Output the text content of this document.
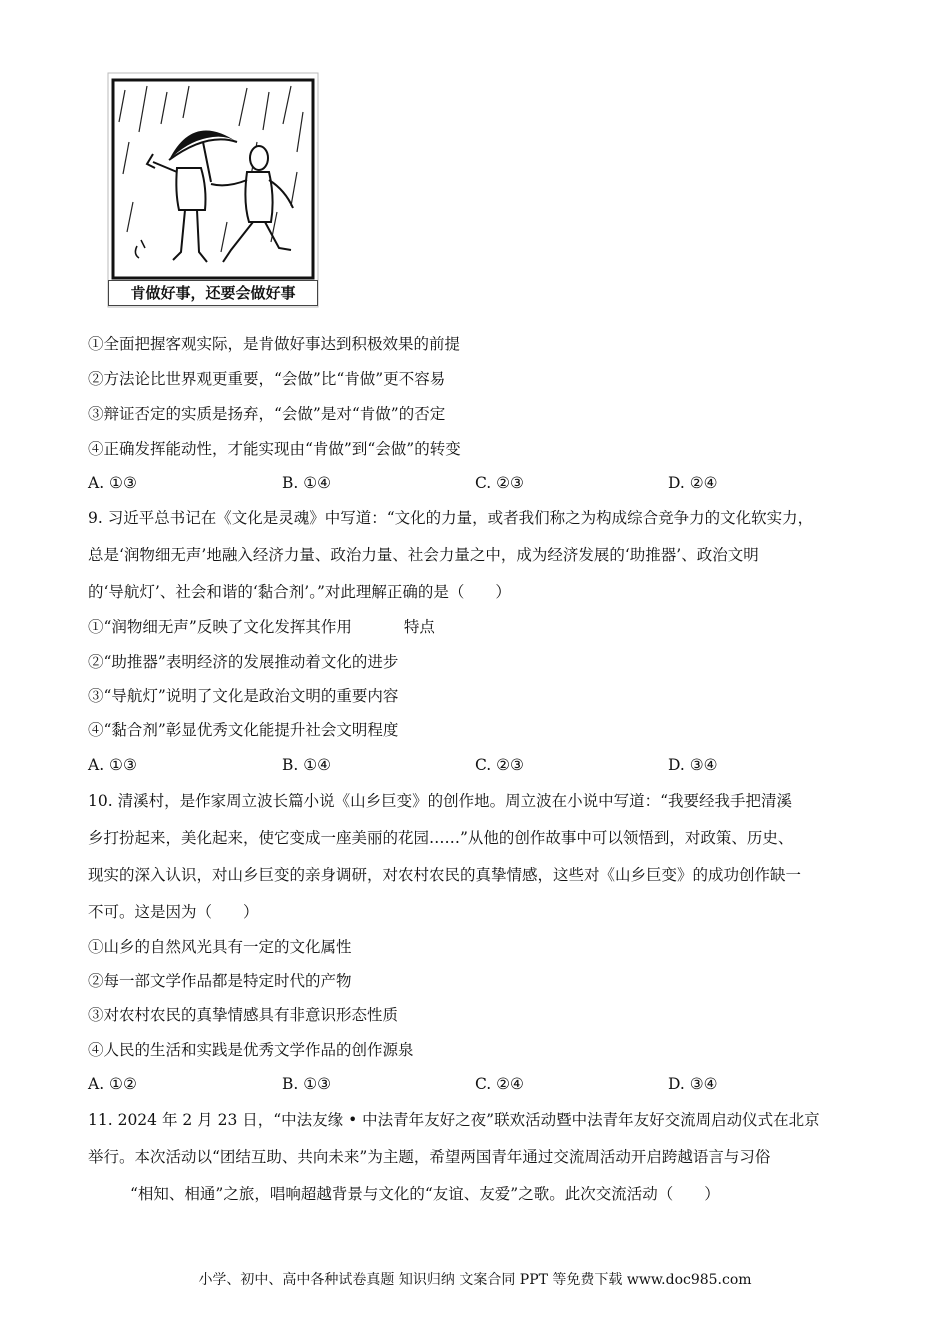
肯做好事，还要会做好事
①全面把握客观实际，是肯做好事达到积极效果的前提
②方法论比世界观更重要，“会做”比“肯做”更不容易
③辩证否定的实质是扬弃，“会做”是对“肯做”的否定
④正确发挥能动性，才能实现由“肯做”到“会做”的转变
A. ①③	B. ①④	C. ②③	D. ②④
9. 习近平总书记在《文化是灵魂》中写道：“文化的力量，或者我们称之为构成综合竞争力的文化软实力，
总是‘润物细无声’地融入经济力量、政治力量、社会力量之中，成为经济发展的‘助推器’、政治文明
的‘导航灯’、社会和谐的‘黏合剂’。”对此理解正确的是（　　）
①“润物细无声”反映了文化发挥其作用	特点
②“助推器”表明经济的发展推动着文化的进步
③“导航灯”说明了文化是政治文明的重要内容
④“黏合剂”彰显优秀文化能提升社会文明程度
A. ①③	B. ①④	C. ②③	D. ③④
10. 清溪村，是作家周立波长篇小说《山乡巨变》的创作地。周立波在小说中写道：“我要经我手把清溪
乡打扮起来，美化起来，使它变成一座美丽的花园……”从他的创作故事中可以领悟到，对政策、历史、
现实的深入认识，对山乡巨变的亲身调研，对农村农民的真挚情感，这些对《山乡巨变》的成功创作缺一
不可。这是因为（　　）
①山乡的自然风光具有一定的文化属性
②每一部文学作品都是特定时代的产物
③对农村农民的真挚情感具有非意识形态性质
④人民的生活和实践是优秀文学作品的创作源泉
A. ①②	B. ①③	C. ②④	D. ③④
11. 2024 年 2 月 23 日，“中法友缘 • 中法青年友好之夜”联欢活动暨中法青年友好交流周启动仪式在北京
举行。本次活动以“团结互助、共向未来”为主题，希望两国青年通过交流周活动开启跨越语言与习俗
“相知、相通”之旅，唱响超越背景与文化的“友谊、友爱”之歌。此次交流活动（　　）
小学、初中、高中各种试卷真题 知识归纳 文案合同 PPT 等免费下载 www.doc985.com
